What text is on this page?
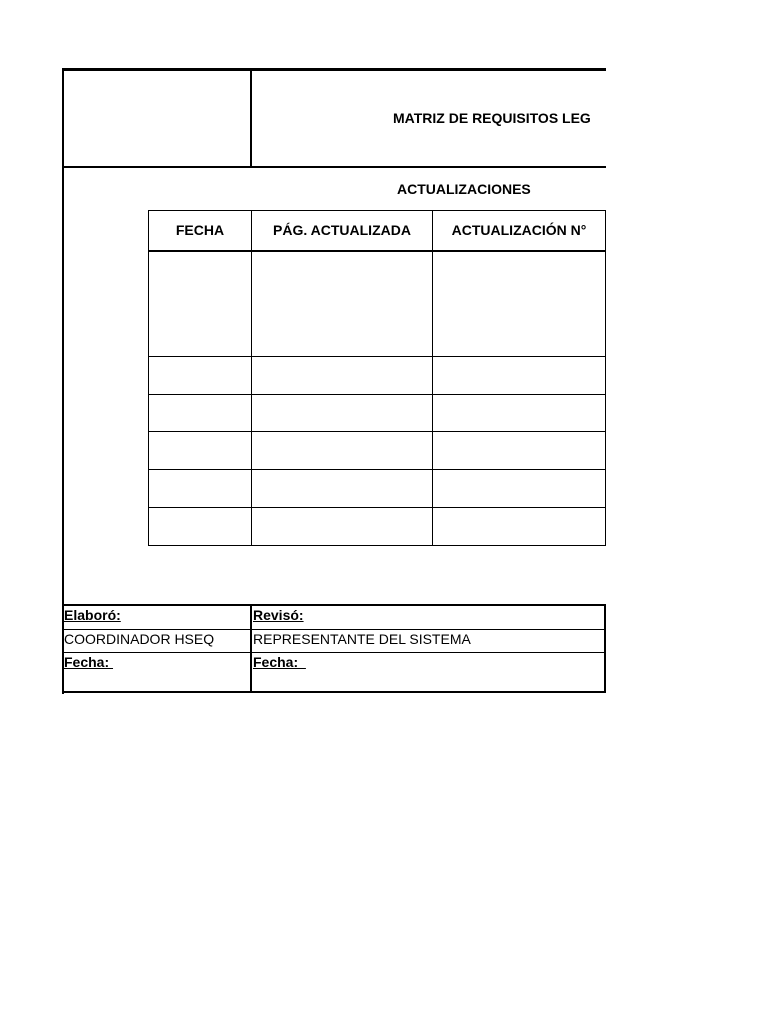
MATRIZ DE REQUISITOS LEG
ACTUALIZACIONES
FECHA	PÁG. ACTUALIZADA	ACTUALIZACIÓN N°
Elaboró:	Revisó:
COORDINADOR HSEQ	REPRESENTANTE DEL SISTEMA
Fecha:	Fecha:
